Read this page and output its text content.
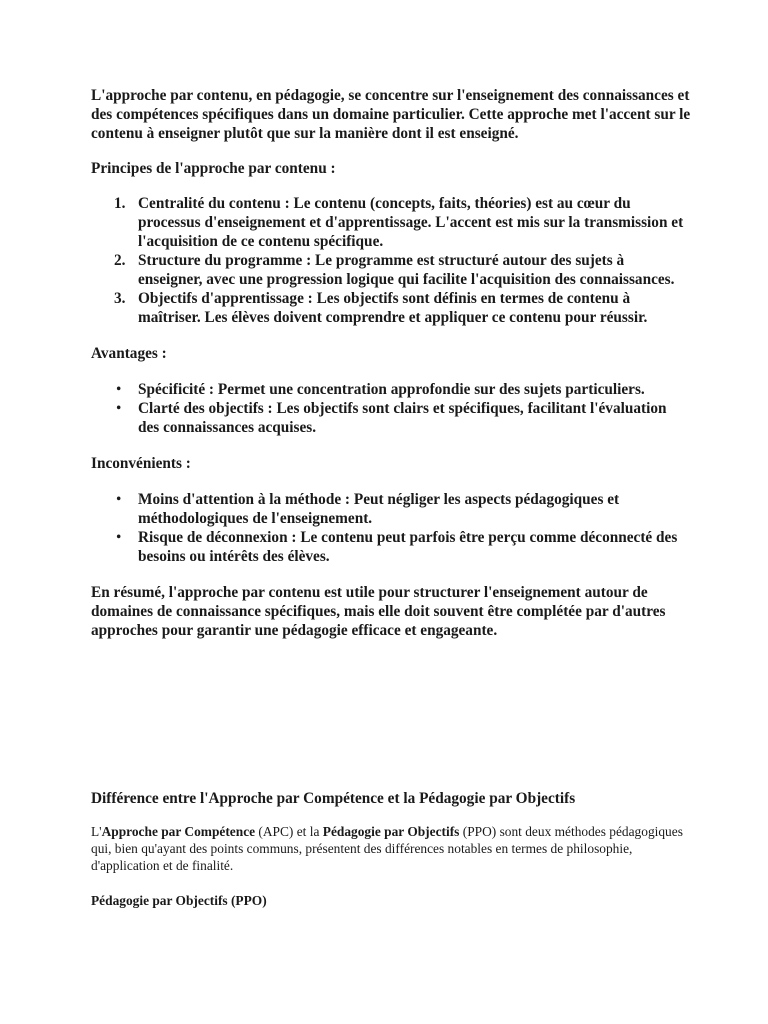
L'approche par contenu, en pédagogie, se concentre sur l'enseignement des connaissances et des compétences spécifiques dans un domaine particulier. Cette approche met l'accent sur le contenu à enseigner plutôt que sur la manière dont il est enseigné.

Principes de l'approche par contenu :

1. Centralité du contenu : Le contenu (concepts, faits, théories) est au cœur du processus d'enseignement et d'apprentissage. L'accent est mis sur la transmission et l'acquisition de ce contenu spécifique.
2. Structure du programme : Le programme est structuré autour des sujets à enseigner, avec une progression logique qui facilite l'acquisition des connaissances.
3. Objectifs d'apprentissage : Les objectifs sont définis en termes de contenu à maîtriser. Les élèves doivent comprendre et appliquer ce contenu pour réussir.

Avantages :

• Spécificité : Permet une concentration approfondie sur des sujets particuliers.
• Clarté des objectifs : Les objectifs sont clairs et spécifiques, facilitant l'évaluation des connaissances acquises.

Inconvénients :

• Moins d'attention à la méthode : Peut négliger les aspects pédagogiques et méthodologiques de l'enseignement.
• Risque de déconnexion : Le contenu peut parfois être perçu comme déconnecté des besoins ou intérêts des élèves.

En résumé, l'approche par contenu est utile pour structurer l'enseignement autour de domaines de connaissance spécifiques, mais elle doit souvent être complétée par d'autres approches pour garantir une pédagogie efficace et engageante.

Différence entre l'Approche par Compétence et la Pédagogie par Objectifs

L'Approche par Compétence (APC) et la Pédagogie par Objectifs (PPO) sont deux méthodes pédagogiques qui, bien qu'ayant des points communs, présentent des différences notables en termes de philosophie, d'application et de finalité.

Pédagogie par Objectifs (PPO)
